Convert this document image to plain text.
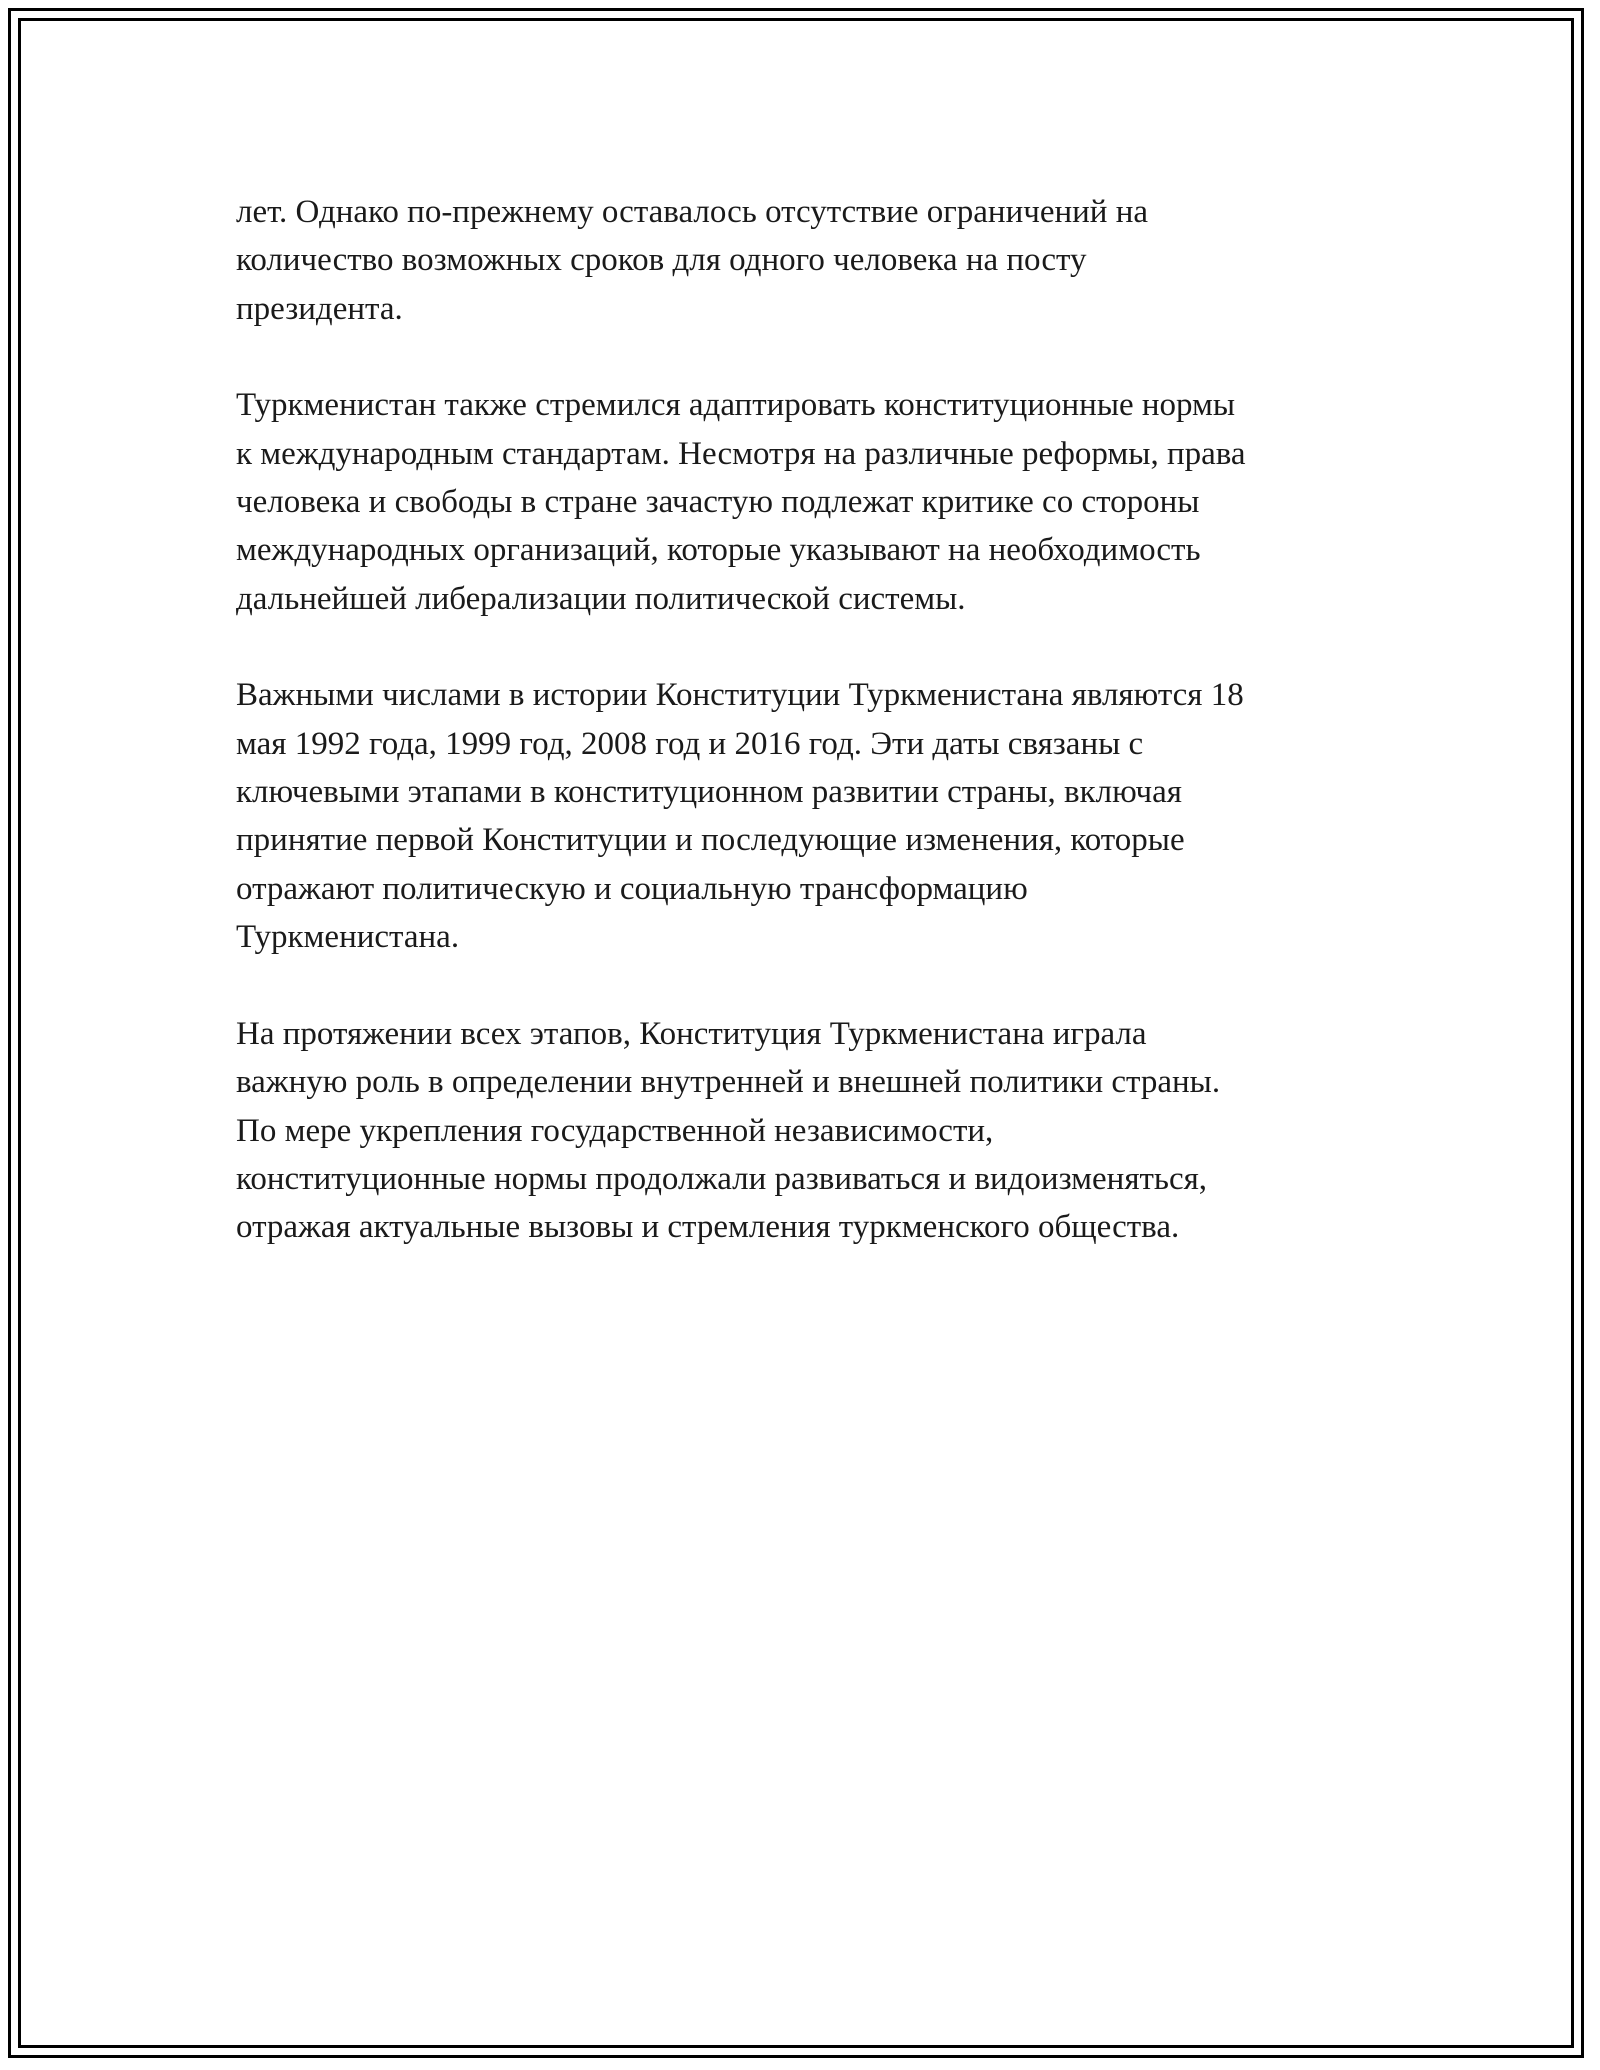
лет. Однако по-прежнему оставалось отсутствие ограничений на
количество возможных сроков для одного человека на посту
президента.

Туркменистан также стремился адаптировать конституционные нормы
к международным стандартам. Несмотря на различные реформы, права
человека и свободы в стране зачастую подлежат критике со стороны
международных организаций, которые указывают на необходимость
дальнейшей либерализации политической системы.

Важными числами в истории Конституции Туркменистана являются 18
мая 1992 года, 1999 год, 2008 год и 2016 год. Эти даты связаны с
ключевыми этапами в конституционном развитии страны, включая
принятие первой Конституции и последующие изменения, которые
отражают политическую и социальную трансформацию
Туркменистана.

На протяжении всех этапов, Конституция Туркменистана играла
важную роль в определении внутренней и внешней политики страны.
По мере укрепления государственной независимости,
конституционные нормы продолжали развиваться и видоизменяться,
отражая актуальные вызовы и стремления туркменского общества.
